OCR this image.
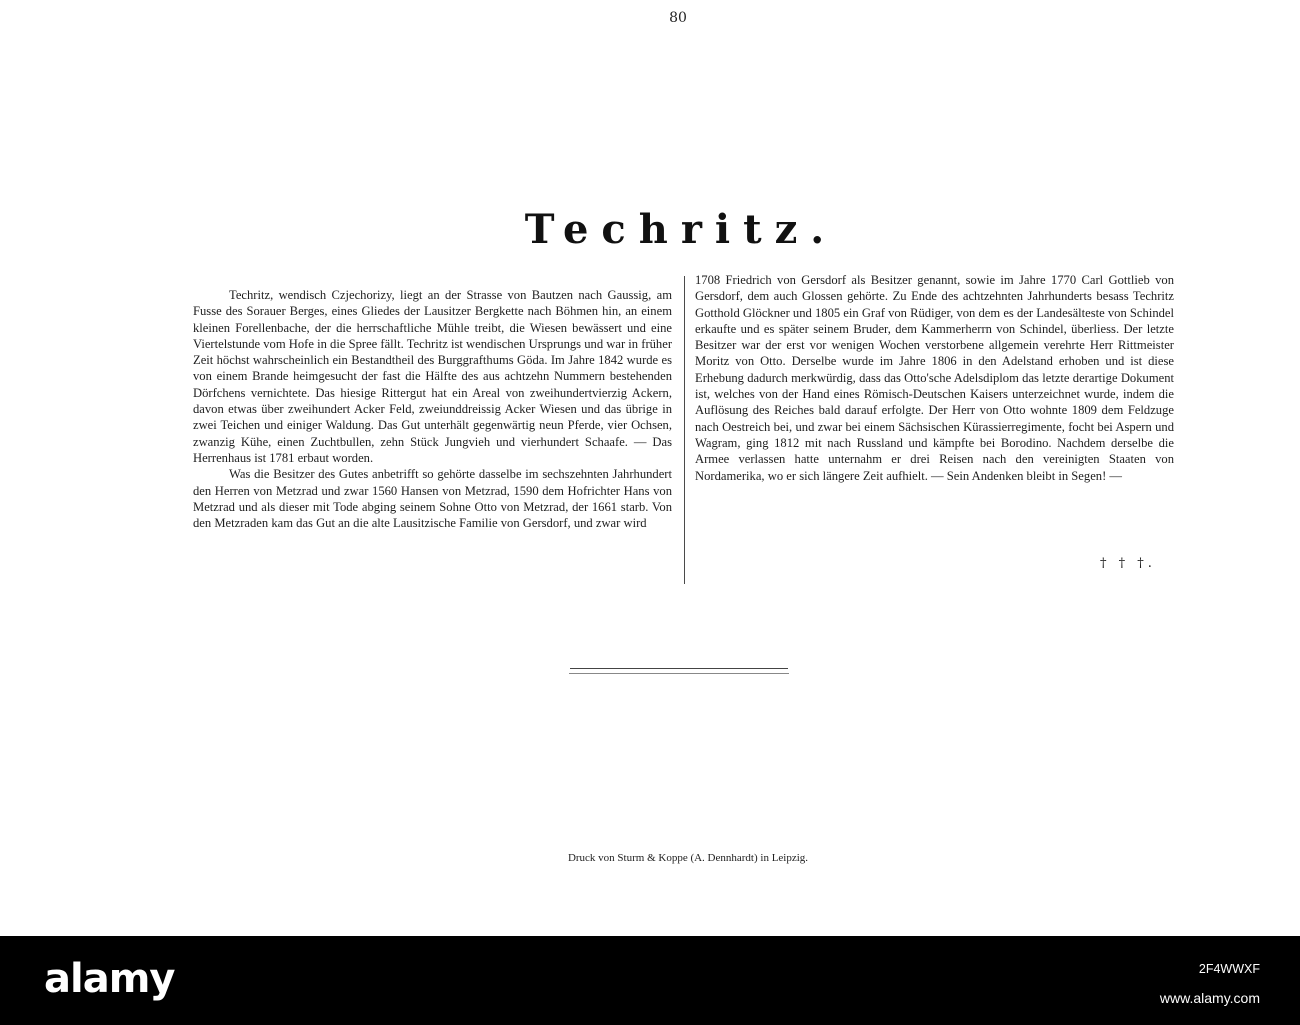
80
Techritz.

Techritz, wendisch Czjechorizy, liegt an der Strasse von Bautzen nach Gaussig, am Fusse des Sorauer Berges, eines Gliedes der Lausitzer Bergkette nach Böhmen hin, an einem kleinen Forellenbache, der die herrschaftliche Mühle treibt, die Wiesen bewässert und eine Viertelstunde vom Hofe in die Spree fällt. Techritz ist wendischen Ursprungs und war in früher Zeit höchst wahrscheinlich ein Bestandtheil des Burggrafthums Göda. Im Jahre 1842 wurde es von einem Brande heimgesucht der fast die Hälfte des aus achtzehn Nummern bestehenden Dörfchens vernichtete. Das hiesige Rittergut hat ein Areal von zweihundertvierzig Ackern, davon etwas über zweihundert Acker Feld, zweiunddreissig Acker Wiesen und das übrige in zwei Teichen und einiger Waldung. Das Gut unterhält gegenwärtig neun Pferde, vier Ochsen, zwanzig Kühe, einen Zuchtbullen, zehn Stück Jungvieh und vierhundert Schaafe. — Das Herrenhaus ist 1781 erbaut worden.

Was die Besitzer des Gutes anbetrifft so gehörte dasselbe im sechszehnten Jahrhundert den Herren von Metzrad und zwar 1560 Hansen von Metzrad, 1590 dem Hofrichter Hans von Metzrad und als dieser mit Tode abging seinem Sohne Otto von Metzrad, der 1661 starb. Von den Metzraden kam das Gut an die alte Lausitzische Familie von Gersdorf, und zwar wird

1708 Friedrich von Gersdorf als Besitzer genannt, sowie im Jahre 1770 Carl Gottlieb von Gersdorf, dem auch Glossen gehörte. Zu Ende des achtzehnten Jahrhunderts besass Techritz Gotthold Glöckner und 1805 ein Graf von Rüdiger, von dem es der Landesälteste von Schindel erkaufte und es später seinem Bruder, dem Kammerherrn von Schindel, überliess. Der letzte Besitzer war der erst vor wenigen Wochen verstorbene allgemein verehrte Herr Rittmeister Moritz von Otto. Derselbe wurde im Jahre 1806 in den Adelstand erhoben und ist diese Erhebung dadurch merkwürdig, dass das Otto'sche Adelsdiplom das letzte derartige Dokument ist, welches von der Hand eines Römisch-Deutschen Kaisers unterzeichnet wurde, indem die Auflösung des Reiches bald darauf erfolgte. Der Herr von Otto wohnte 1809 dem Feldzuge nach Oestreich bei, und zwar bei einem Sächsischen Kürassierregimente, focht bei Aspern und Wagram, ging 1812 mit nach Russland und kämpfte bei Borodino. Nachdem derselbe die Armee verlassen hatte unternahm er drei Reisen nach den vereinigten Staaten von Nordamerika, wo er sich längere Zeit aufhielt. — Sein Andenken bleibt in Segen! —

† † †.
Druck von Sturm & Koppe (A. Dennhardt) in Leipzig.
alamy	2F4WWXF
www.alamy.com
